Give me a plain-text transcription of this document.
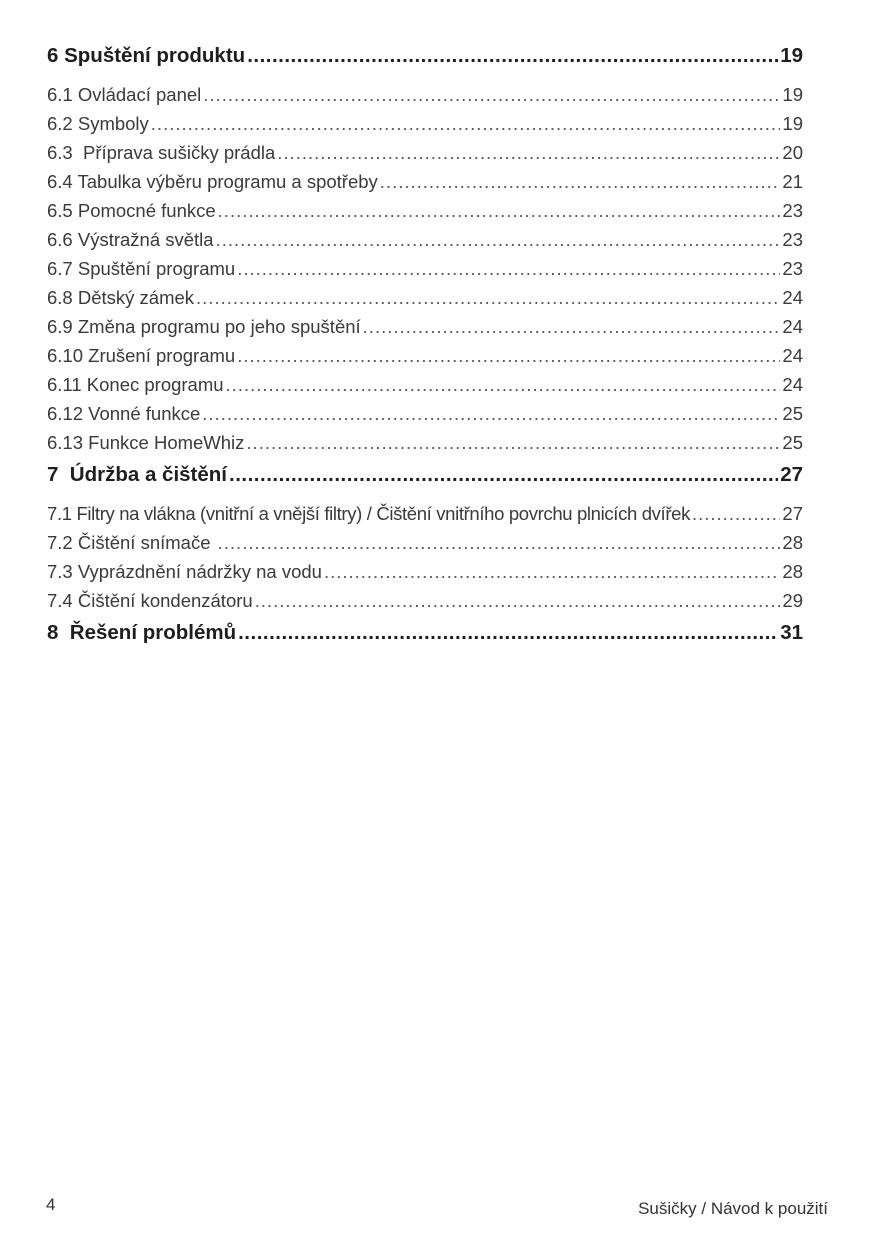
6 Spuštění produktu .....	19
6.1 Ovládací panel .....	19
6.2 Symboly .....	19
6.3  Příprava sušičky prádla .....	20
6.4 Tabulka výběru programu a spotřeby .....	21
6.5 Pomocné funkce .....	23
6.6 Výstražná světla .....	23
6.7 Spuštění programu .....	23
6.8 Dětský zámek .....	24
6.9 Změna programu po jeho spuštění .....	24
6.10 Zrušení programu .....	24
6.11 Konec programu .....	24
6.12 Vonné funkce .....	25
6.13 Funkce HomeWhiz .....	25
7  Údržba a čištění .....	27
7.1 Filtry na vlákna (vnitřní a vnější filtry) / Čištění vnitřního povrchu plnicích dvířek .....	27
7.2 Čištění snímače .....	28
7.3 Vyprázdnění nádržky na vodu .....	28
7.4 Čištění kondenzátoru .....	29
8  Řešení problémů .....	31
4	Sušičky / Návod k použití
